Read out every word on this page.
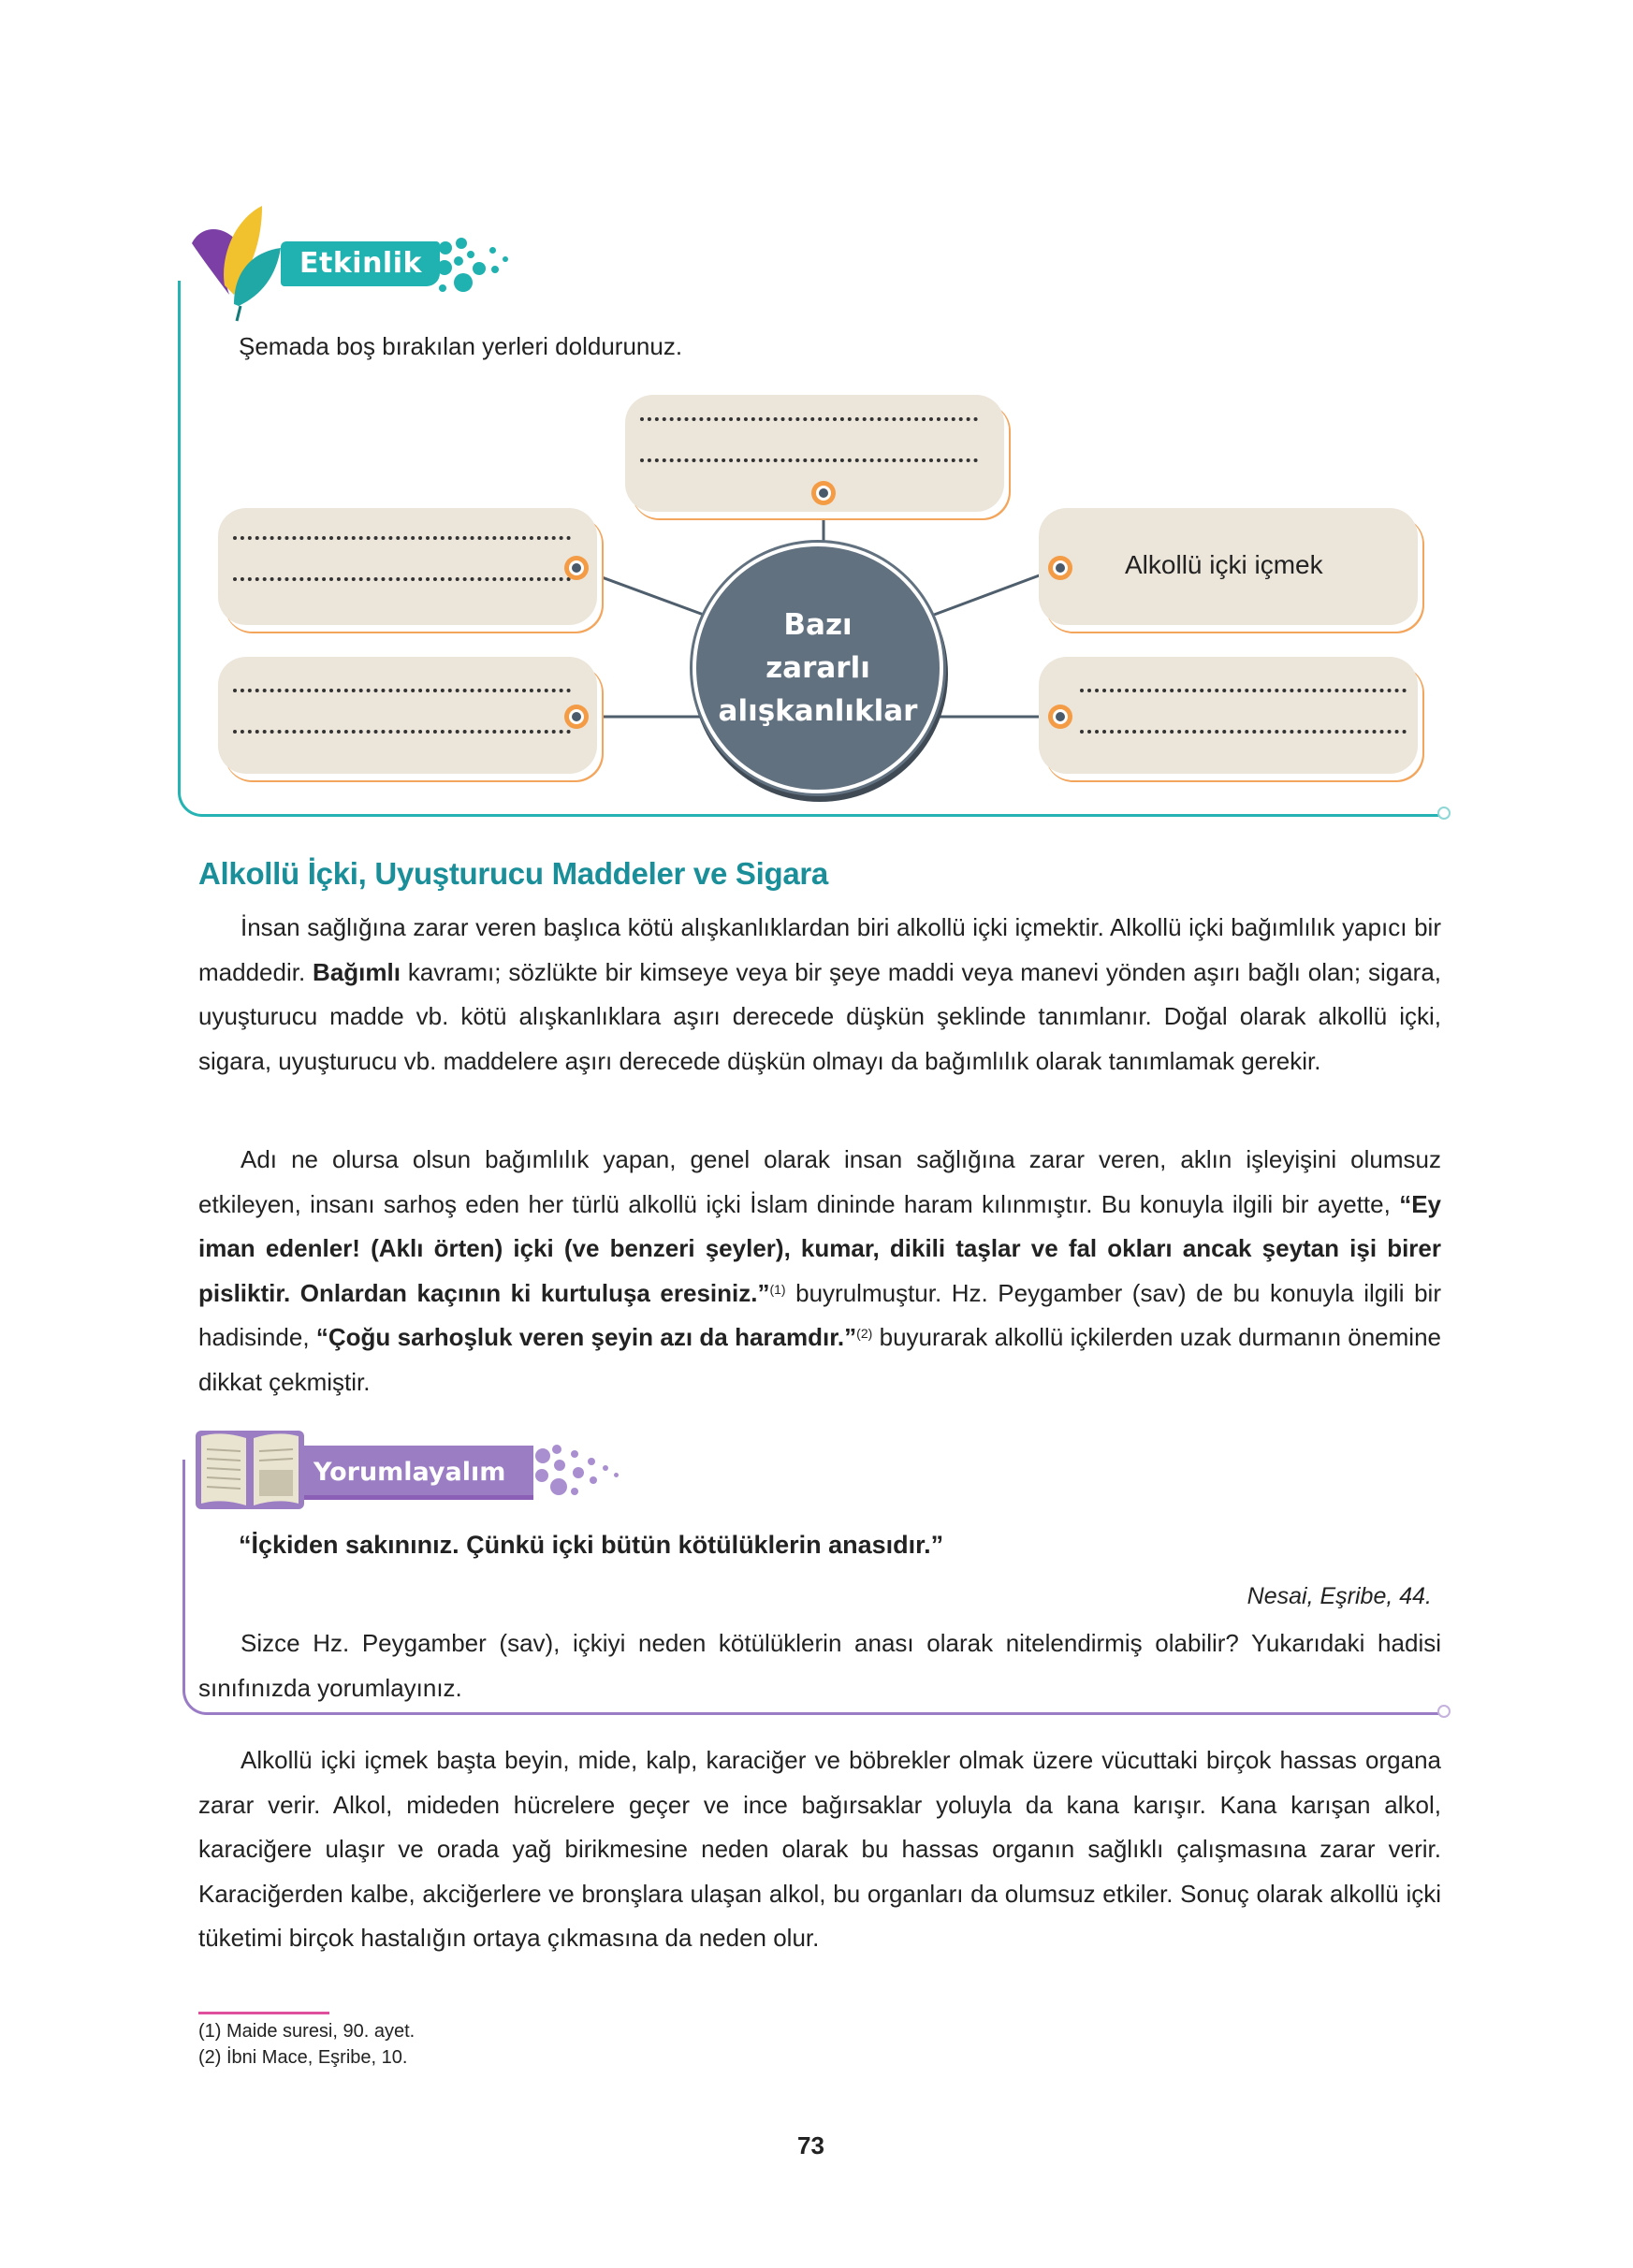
Etkinlik
Şemada boş bırakılan yerleri doldurunuz.
Alkollü içki içmek
Bazı
zararlı
alışkanlıklar
Alkollü İçki, Uyuşturucu Maddeler ve Sigara

İnsan sağlığına zarar veren başlıca kötü alışkanlıklardan biri alkollü içki içmektir. Alkollü içki bağımlılık yapıcı bir maddedir. Bağımlı kavramı; sözlükte bir kimseye veya bir şeye maddi veya manevi yönden aşırı bağlı olan; sigara, uyuşturucu madde vb. kötü alışkanlıklara aşırı derecede düşkün şeklinde tanımlanır. Doğal olarak alkollü içki, sigara, uyuşturucu vb. maddelere aşırı derecede düşkün olmayı da bağımlılık olarak tanımlamak gerekir.

Adı ne olursa olsun bağımlılık yapan, genel olarak insan sağlığına zarar veren, aklın işleyişini olumsuz etkileyen, insanı sarhoş eden her türlü alkollü içki İslam dininde haram kılınmıştır. Bu konuyla ilgili bir ayette, “Ey iman edenler! (Aklı örten) içki (ve benzeri şeyler), kumar, dikili taşlar ve fal okları ancak şeytan işi birer pisliktir. Onlardan kaçının ki kurtuluşa eresiniz.”$^{(1)}$ buyrulmuştur. Hz. Peygamber (sav) de bu konuyla ilgili bir hadisinde, “Çoğu sarhoşluk veren şeyin azı da haramdır.”$^{(2)}$ buyurarak alkollü içkilerden uzak durmanın önemine dikkat çekmiştir.

Yorumlayalım
“İçkiden sakınınız. Çünkü içki bütün kötülüklerin anasıdır.”
Nesai, Eşribe, 44.

Sizce Hz. Peygamber (sav), içkiyi neden kötülüklerin anası olarak nitelendirmiş olabilir? Yukarıdaki hadisi sınıfınızda yorumlayınız.

Alkollü içki içmek başta beyin, mide, kalp, karaciğer ve böbrekler olmak üzere vücuttaki birçok hassas organa zarar verir. Alkol, mideden hücrelere geçer ve ince bağırsaklar yoluyla da kana karışır. Kana karışan alkol, karaciğere ulaşır ve orada yağ birikmesine neden olarak bu hassas organın sağlıklı çalışmasına zarar verir. Karaciğerden kalbe, akciğerlere ve bronşlara ulaşan alkol, bu organları da olumsuz etkiler. Sonuç olarak alkollü içki tüketimi birçok hastalığın ortaya çıkmasına da neden olur.

(1) Maide suresi, 90. ayet.
(2) İbni Mace, Eşribe, 10.
73
